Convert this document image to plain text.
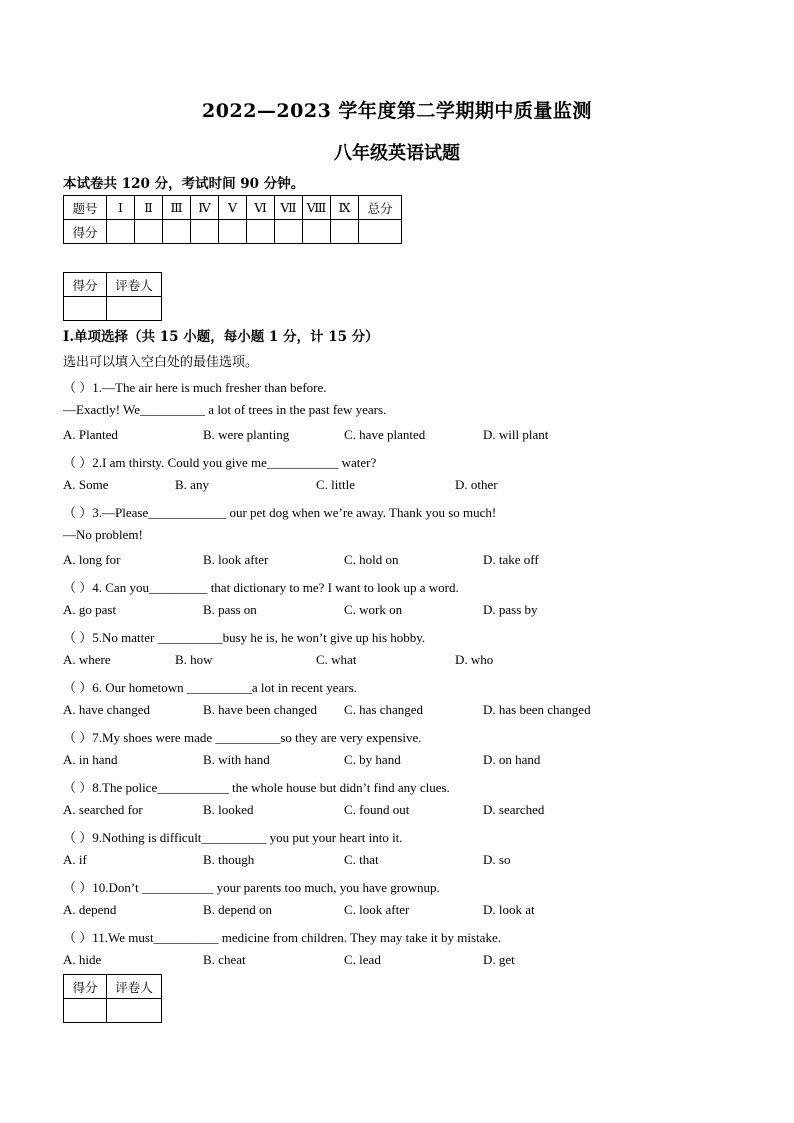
2022—2023 学年度第二学期期中质量监测
八年级英语试题
本试卷共 120 分，考试时间 90 分钟。
题号	Ⅰ	Ⅱ	Ⅲ	Ⅳ	Ⅴ	Ⅵ	Ⅶ	Ⅷ	Ⅸ	总分
得分										
得分	评卷人

Ⅰ.单项选择（共 15 小题，每小题 1 分，计 15 分）
选出可以填入空白处的最佳选项。
（ ）1.—The air here is much fresher than before.
—Exactly! We__________ a lot of trees in the past few years.
A. Planted	B. were planting	C. have planted	D. will plant
（ ）2.I am thirsty. Could you give me___________ water?
A. Some	B. any	C. little	D. other
（ ）3.—Please____________ our pet dog when we’re away. Thank you so much!
—No problem!
A. long for	B. look after	C. hold on	D. take off
（ ）4. Can you_________ that dictionary to me? I want to look up a word.
A. go past	B. pass on	C. work on	D. pass by
（ ）5.No matter __________busy he is, he won’t give up his hobby.
A. where	B. how	C. what	D. who
（ ）6. Our hometown __________a lot in recent years.
A. have changed	B. have been changed C. has changed	D. has been changed
（ ）7.My shoes were made __________so they are very expensive.
A. in hand	B. with hand	C. by hand	D. on hand
（ ）8.The police___________ the whole house but didn’t find any clues.
A. searched for	B. looked	C. found out	D. searched
（ ）9.Nothing is difficult__________ you put your heart into it.
A. if	B. though	C. that	D. so
（ ）10.Don’t ___________ your parents too much, you have grownup.
A. depend	B. depend on	C. look after	D. look at
（ ）11.We must__________ medicine from children. They may take it by mistake.
A. hide	B. cheat	C. lead	D. get
得分	评卷人
